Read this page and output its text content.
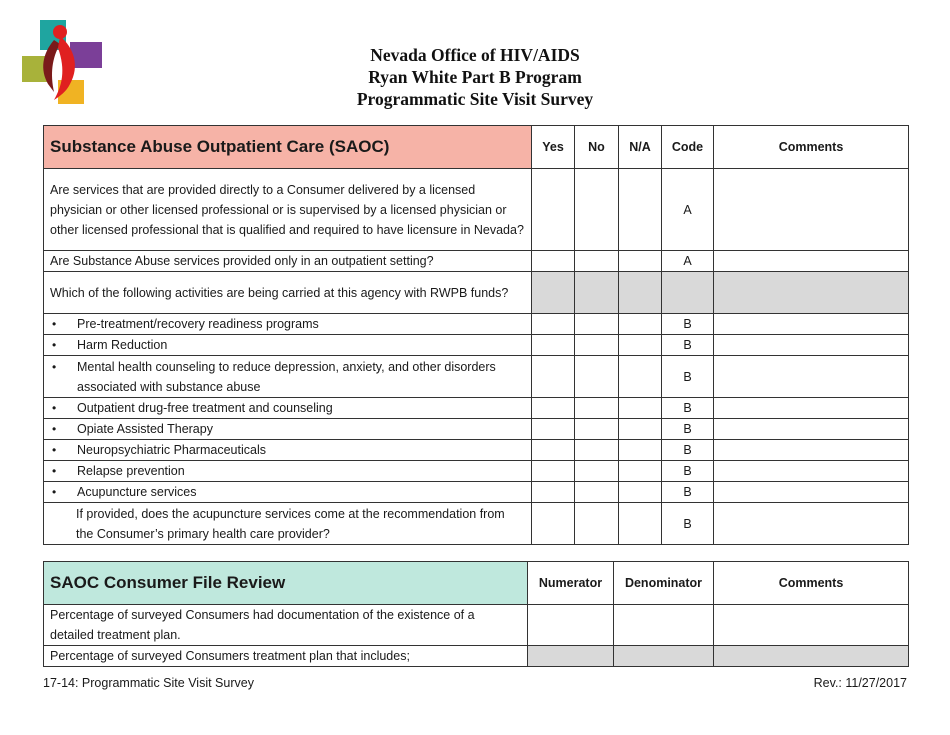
Nevada Office of HIV/AIDS
Ryan White Part B Program
Programmatic Site Visit Survey
Substance Abuse Outpatient Care (SAOC)	Yes	No	N/A	Code	Comments
Are services that are provided directly to a Consumer delivered by a licensed physician or other licensed professional or is supervised by a licensed physician or other licensed professional that is qualified and required to have licensure in Nevada?				A	
Are Substance Abuse services provided only in an outpatient setting?				A	
Which of the following activities are being carried at this agency with RWPB funds?					

• Pre-treatment/recovery readiness programs				B	

• Harm Reduction				B	

• Mental health counseling to reduce depression, anxiety, and other disorders associated with substance abuse				B	

• Outpatient drug-free treatment and counseling				B	

• Opiate Assisted Therapy				B	

• Neuropsychiatric Pharmaceuticals				B	

• Relapse prevention				B	

• Acupuncture services				B	
If provided, does the acupuncture services come at the recommendation from the Consumer’s primary health care provider?				B	
SAOC Consumer File Review	Numerator	Denominator	Comments
Percentage of surveyed Consumers had documentation of the existence of a detailed treatment plan.			
Percentage of surveyed Consumers treatment plan that includes;			
17-14: Programmatic Site Visit Survey	Rev.: 11/27/2017
